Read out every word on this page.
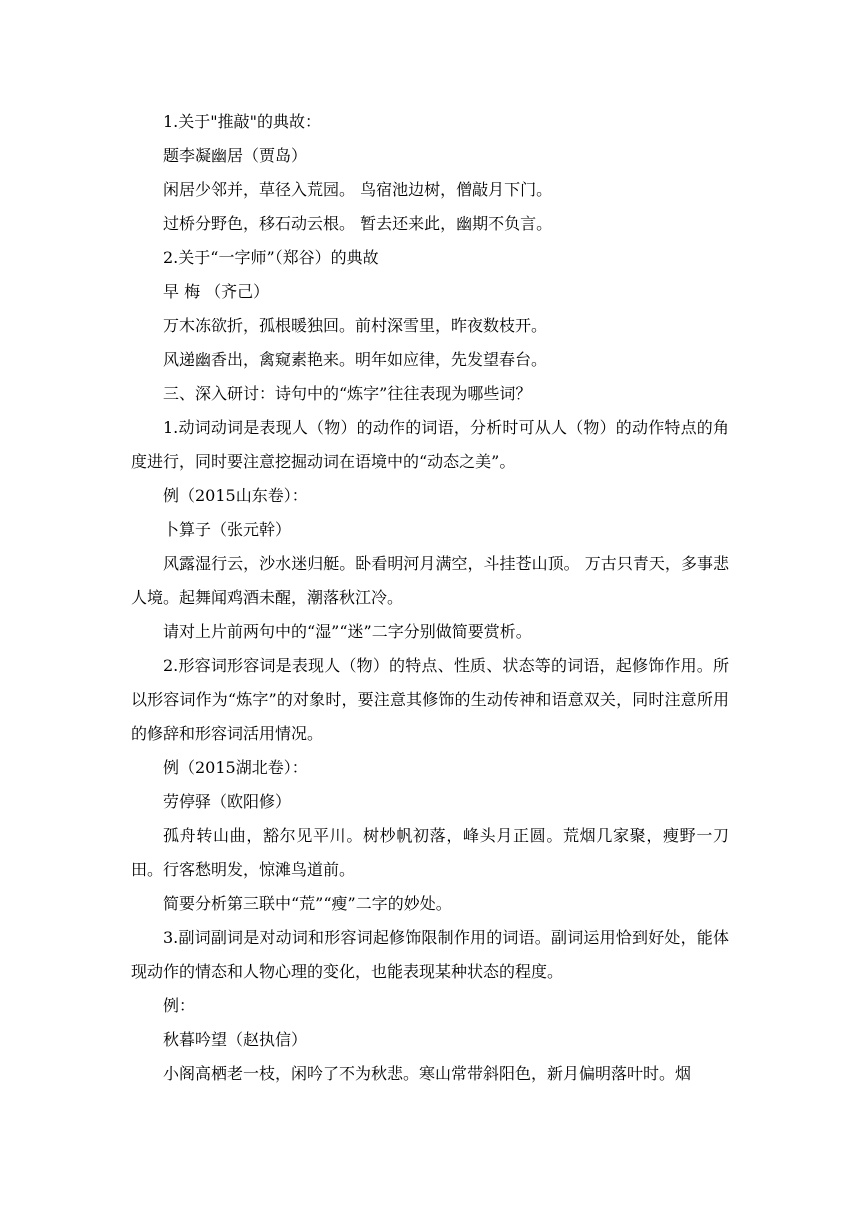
1.关于"推敲"的典故：

题李凝幽居（贾岛）

闲居少邻并，草径入荒园。 鸟宿池边树，僧敲月下门。

过桥分野色，移石动云根。 暂去还来此，幽期不负言。

2.关于“一字师”（郑谷）的典故

早 梅 （齐己）

万木冻欲折，孤根暖独回。前村深雪里，昨夜数枝开。

风递幽香出，禽窥素艳来。明年如应律，先发望春台。

三、深入研讨：诗句中的“炼字”往往表现为哪些词？

1.动词动词是表现人（物）的动作的词语，分析时可从人（物）的动作特点的角度进行，同时要注意挖掘动词在语境中的“动态之美”。

例（2015山东卷）：

卜算子（张元幹）

风露湿行云，沙水迷归艇。卧看明河月满空，斗挂苍山顶。 万古只青天，多事悲人境。起舞闻鸡酒未醒，潮落秋江冷。

请对上片前两句中的“湿”“迷”二字分别做简要赏析。

2.形容词形容词是表现人（物）的特点、性质、状态等的词语，起修饰作用。所以形容词作为“炼字”的对象时，要注意其修饰的生动传神和语意双关，同时注意所用的修辞和形容词活用情况。

例（2015湖北卷）：

劳停驿（欧阳修）

孤舟转山曲，豁尔见平川。树杪帆初落，峰头月正圆。荒烟几家聚，瘦野一刀田。行客愁明发，惊滩鸟道前。

简要分析第三联中“荒”“瘦”二字的妙处。

3.副词副词是对动词和形容词起修饰限制作用的词语。副词运用恰到好处，能体现动作的情态和人物心理的变化，也能表现某种状态的程度。

例：

秋暮吟望（赵执信）

小阁高栖老一枝，闲吟了不为秋悲。寒山常带斜阳色，新月偏明落叶时。烟
